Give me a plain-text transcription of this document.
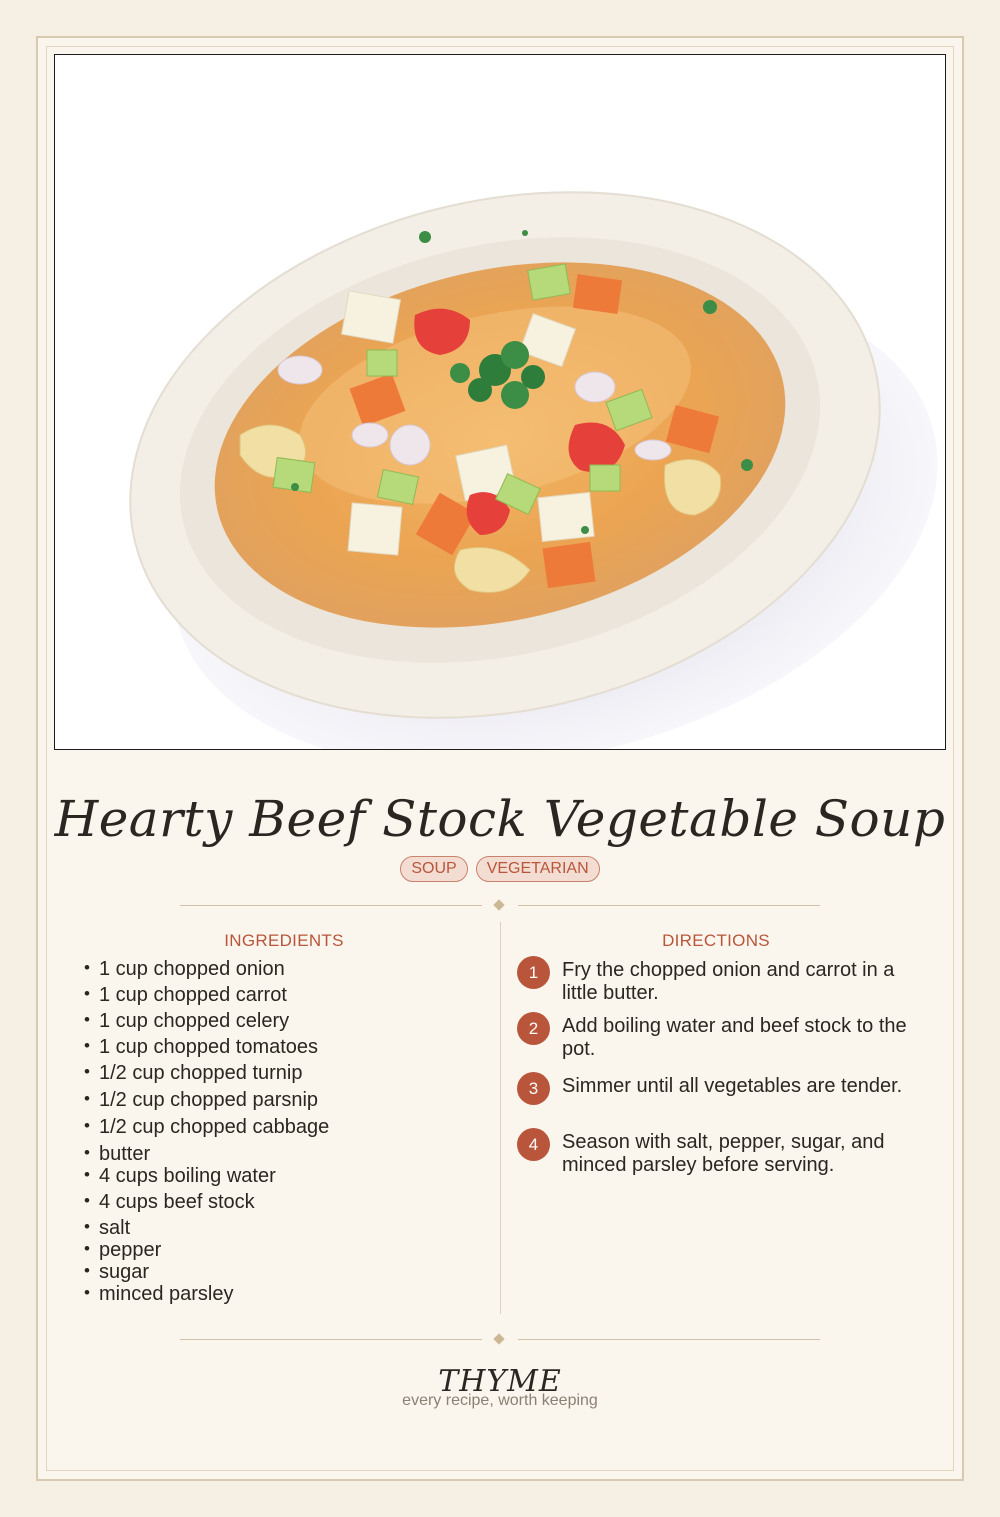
Hearty Beef Stock Vegetable Soup
SOUP	VEGETARIAN
INGREDIENTS	DIRECTIONS
• 1 cup chopped onion
• 1 cup chopped carrot
• 1 cup chopped celery
• 1 cup chopped tomatoes
• 1/2 cup chopped turnip
• 1/2 cup chopped parsnip
• 1/2 cup chopped cabbage
• butter
• 4 cups boiling water
• 4 cups beef stock
• salt
• pepper
• sugar
• minced parsley
1	Fry the chopped onion and carrot in a little butter.
2	Add boiling water and beef stock to the pot.
3	Simmer until all vegetables are tender.
4	Season with salt, pepper, sugar, and minced parsley before serving.
THYME
every recipe, worth keeping
